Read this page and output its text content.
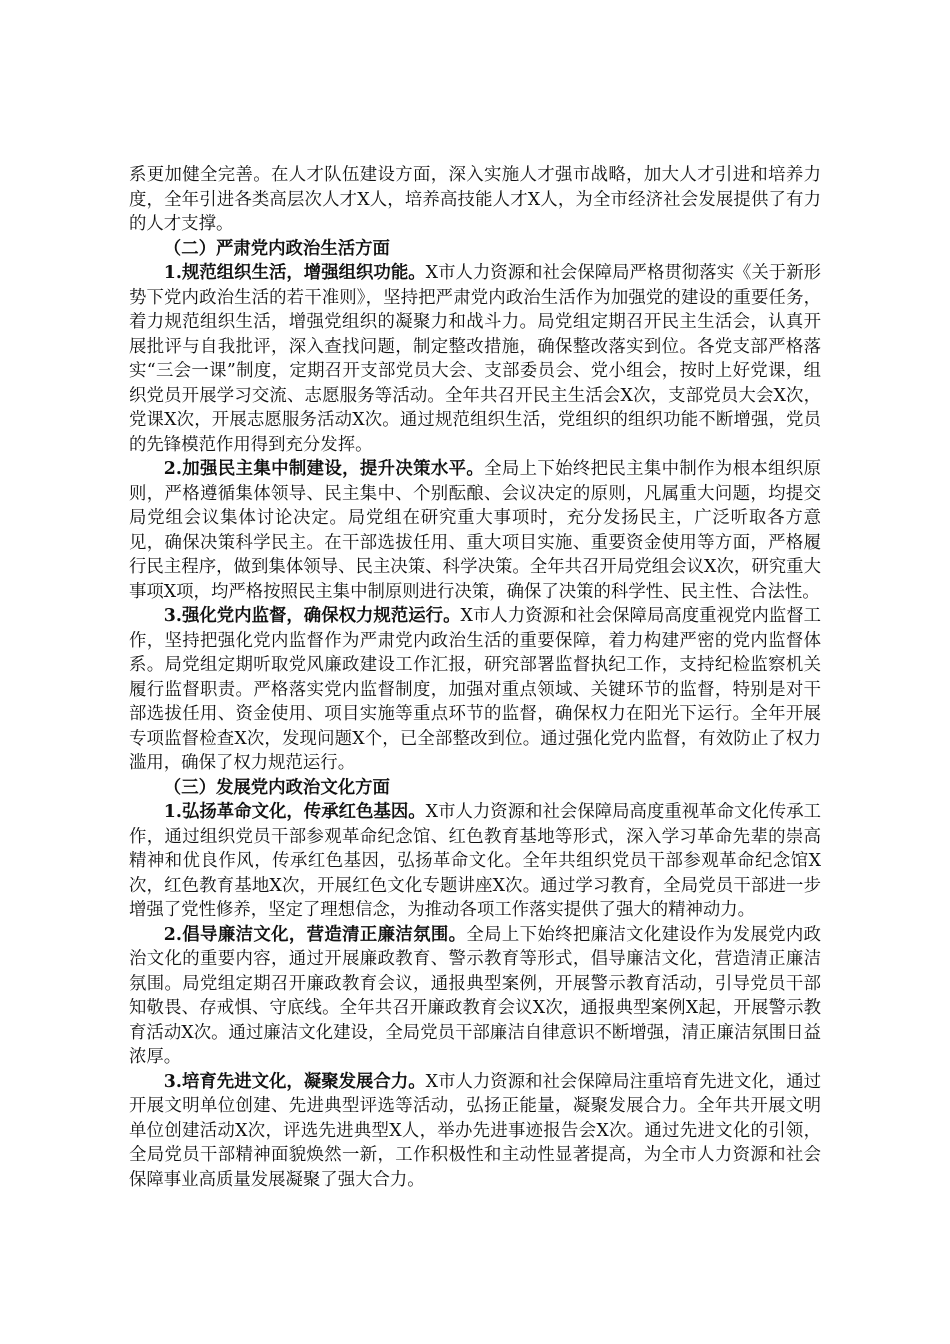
系更加健全完善。在人才队伍建设方面，深入实施人才强市战略，加大人才引进和培养力度，全年引进各类高层次人才X人，培养高技能人才X人，为全市经济社会发展提供了有力的人才支撑。

（二）严肃党内政治生活方面

1.规范组织生活，增强组织功能。X市人力资源和社会保障局严格贯彻落实《关于新形势下党内政治生活的若干准则》，坚持把严肃党内政治生活作为加强党的建设的重要任务，着力规范组织生活，增强党组织的凝聚力和战斗力。局党组定期召开民主生活会，认真开展批评与自我批评，深入查找问题，制定整改措施，确保整改落实到位。各党支部严格落实“三会一课”制度，定期召开支部党员大会、支部委员会、党小组会，按时上好党课，组织党员开展学习交流、志愿服务等活动。全年共召开民主生活会X次，支部党员大会X次，党课X次，开展志愿服务活动X次。通过规范组织生活，党组织的组织功能不断增强，党员的先锋模范作用得到充分发挥。

2.加强民主集中制建设，提升决策水平。全局上下始终把民主集中制作为根本组织原则，严格遵循集体领导、民主集中、个别酝酿、会议决定的原则，凡属重大问题，均提交局党组会议集体讨论决定。局党组在研究重大事项时，充分发扬民主，广泛听取各方意见，确保决策科学民主。在干部选拔任用、重大项目实施、重要资金使用等方面，严格履行民主程序，做到集体领导、民主决策、科学决策。全年共召开局党组会议X次，研究重大事项X项，均严格按照民主集中制原则进行决策，确保了决策的科学性、民主性、合法性。

3.强化党内监督，确保权力规范运行。X市人力资源和社会保障局高度重视党内监督工作，坚持把强化党内监督作为严肃党内政治生活的重要保障，着力构建严密的党内监督体系。局党组定期听取党风廉政建设工作汇报，研究部署监督执纪工作，支持纪检监察机关履行监督职责。严格落实党内监督制度，加强对重点领域、关键环节的监督，特别是对干部选拔任用、资金使用、项目实施等重点环节的监督，确保权力在阳光下运行。全年开展专项监督检查X次，发现问题X个，已全部整改到位。通过强化党内监督，有效防止了权力滥用，确保了权力规范运行。

（三）发展党内政治文化方面

1.弘扬革命文化，传承红色基因。X市人力资源和社会保障局高度重视革命文化传承工作，通过组织党员干部参观革命纪念馆、红色教育基地等形式，深入学习革命先辈的崇高精神和优良作风，传承红色基因，弘扬革命文化。全年共组织党员干部参观革命纪念馆X次，红色教育基地X次，开展红色文化专题讲座X次。通过学习教育，全局党员干部进一步增强了党性修养，坚定了理想信念，为推动各项工作落实提供了强大的精神动力。

2.倡导廉洁文化，营造清正廉洁氛围。全局上下始终把廉洁文化建设作为发展党内政治文化的重要内容，通过开展廉政教育、警示教育等形式，倡导廉洁文化，营造清正廉洁氛围。局党组定期召开廉政教育会议，通报典型案例，开展警示教育活动，引导党员干部知敬畏、存戒惧、守底线。全年共召开廉政教育会议X次，通报典型案例X起，开展警示教育活动X次。通过廉洁文化建设，全局党员干部廉洁自律意识不断增强，清正廉洁氛围日益浓厚。

3.培育先进文化，凝聚发展合力。X市人力资源和社会保障局注重培育先进文化，通过开展文明单位创建、先进典型评选等活动，弘扬正能量，凝聚发展合力。全年共开展文明单位创建活动X次，评选先进典型X人，举办先进事迹报告会X次。通过先进文化的引领，全局党员干部精神面貌焕然一新，工作积极性和主动性显著提高，为全市人力资源和社会保障事业高质量发展凝聚了强大合力。
